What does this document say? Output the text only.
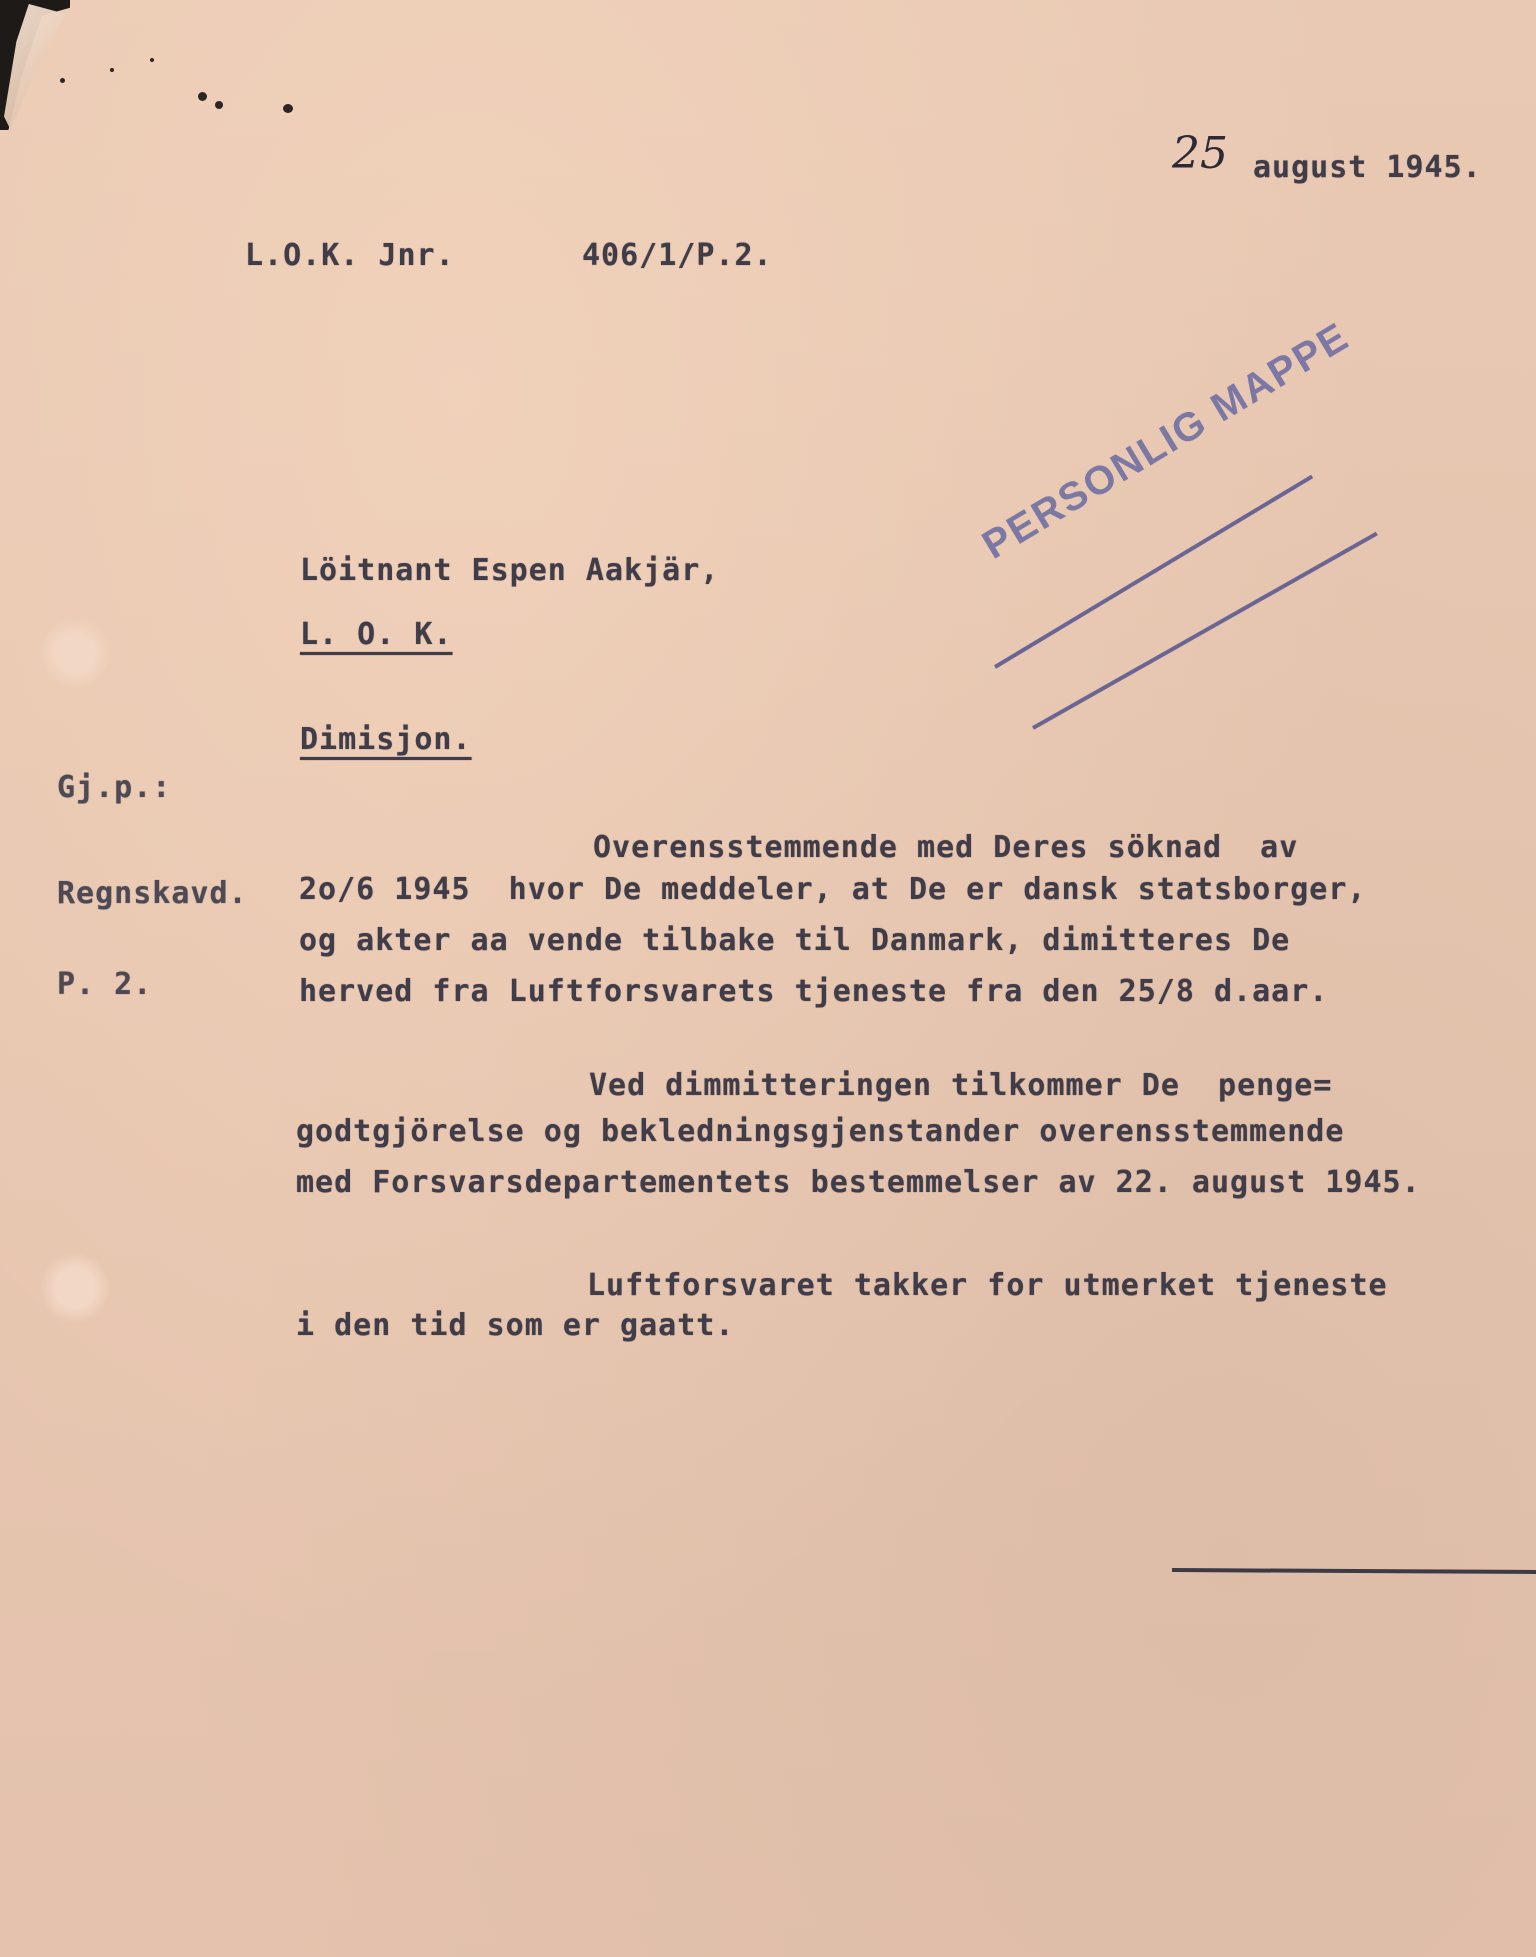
25 august 1945.
L.O.K. Jnr.	406/1/P.2.
PERSONLIG MAPPE
Löitnant Espen Aakjär,
L. O. K.
Dimisjon.
Gj.p.:
Regnskavd.
P. 2.
Overensstemmende med Deres söknad  av
2o/6 1945  hvor De meddeler, at De er dansk statsborger,
og akter aa vende tilbake til Danmark, dimitteres De
herved fra Luftforsvarets tjeneste fra den 25/8 d.aar.
Ved dimmitteringen tilkommer De  penge=
godtgjörelse og bekledningsgjenstander overensstemmende
med Forsvarsdepartementets bestemmelser av 22. august 1945.
Luftforsvaret takker for utmerket tjeneste
i den tid som er gaatt.
